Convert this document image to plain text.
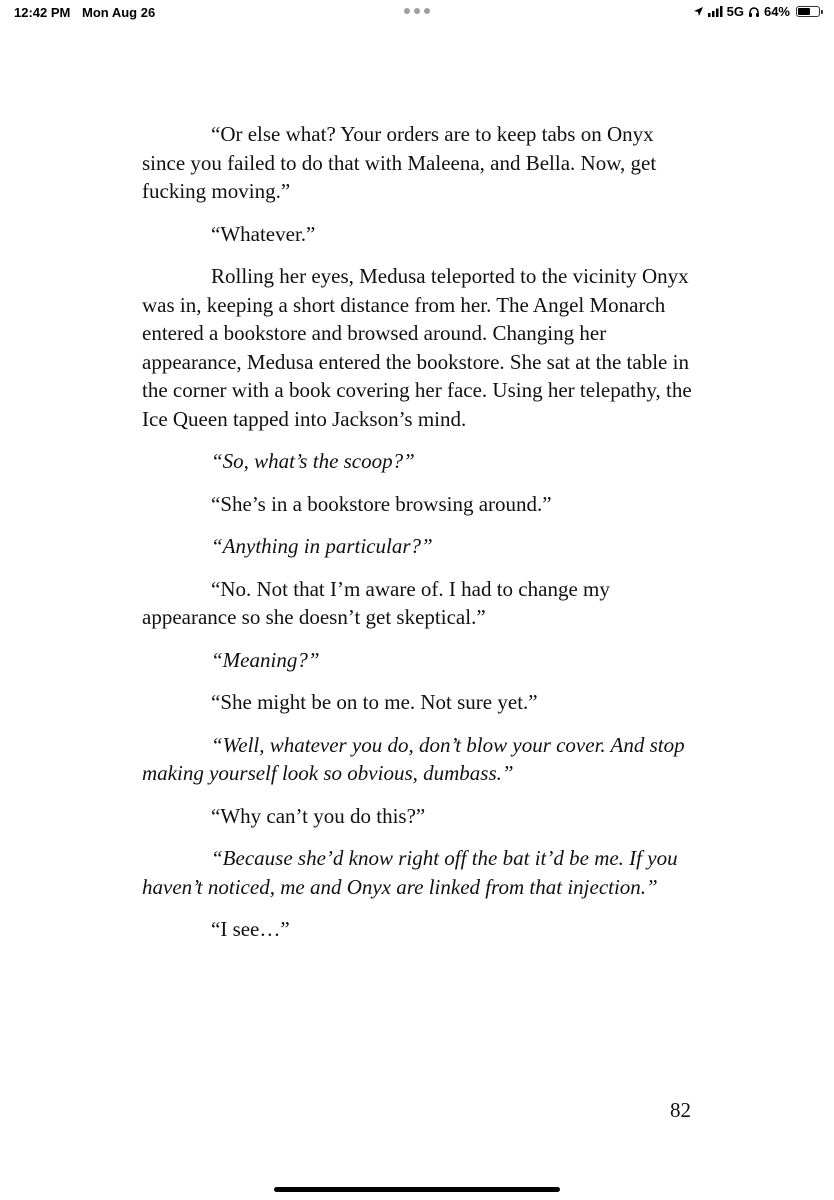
12:42 PM Mon Aug 26	5G 64%

“Or else what? Your orders are to keep tabs on Onyx since you failed to do that with Maleena, and Bella. Now, get fucking moving.”

“Whatever.”

Rolling her eyes, Medusa teleported to the vicinity Onyx was in, keeping a short distance from her. The Angel Monarch entered a bookstore and browsed around. Changing her appearance, Medusa entered the bookstore. She sat at the table in the corner with a book covering her face. Using her telepathy, the Ice Queen tapped into Jackson’s mind.

“So, what’s the scoop?”

“She’s in a bookstore browsing around.”

“Anything in particular?”

“No. Not that I’m aware of. I had to change my appearance so she doesn’t get skeptical.”

“Meaning?”

“She might be on to me. Not sure yet.”

“Well, whatever you do, don’t blow your cover. And stop making yourself look so obvious, dumbass.”

“Why can’t you do this?”

“Because she’d know right off the bat it’d be me. If you haven’t noticed, me and Onyx are linked from that injection.”

“I see…”

82
